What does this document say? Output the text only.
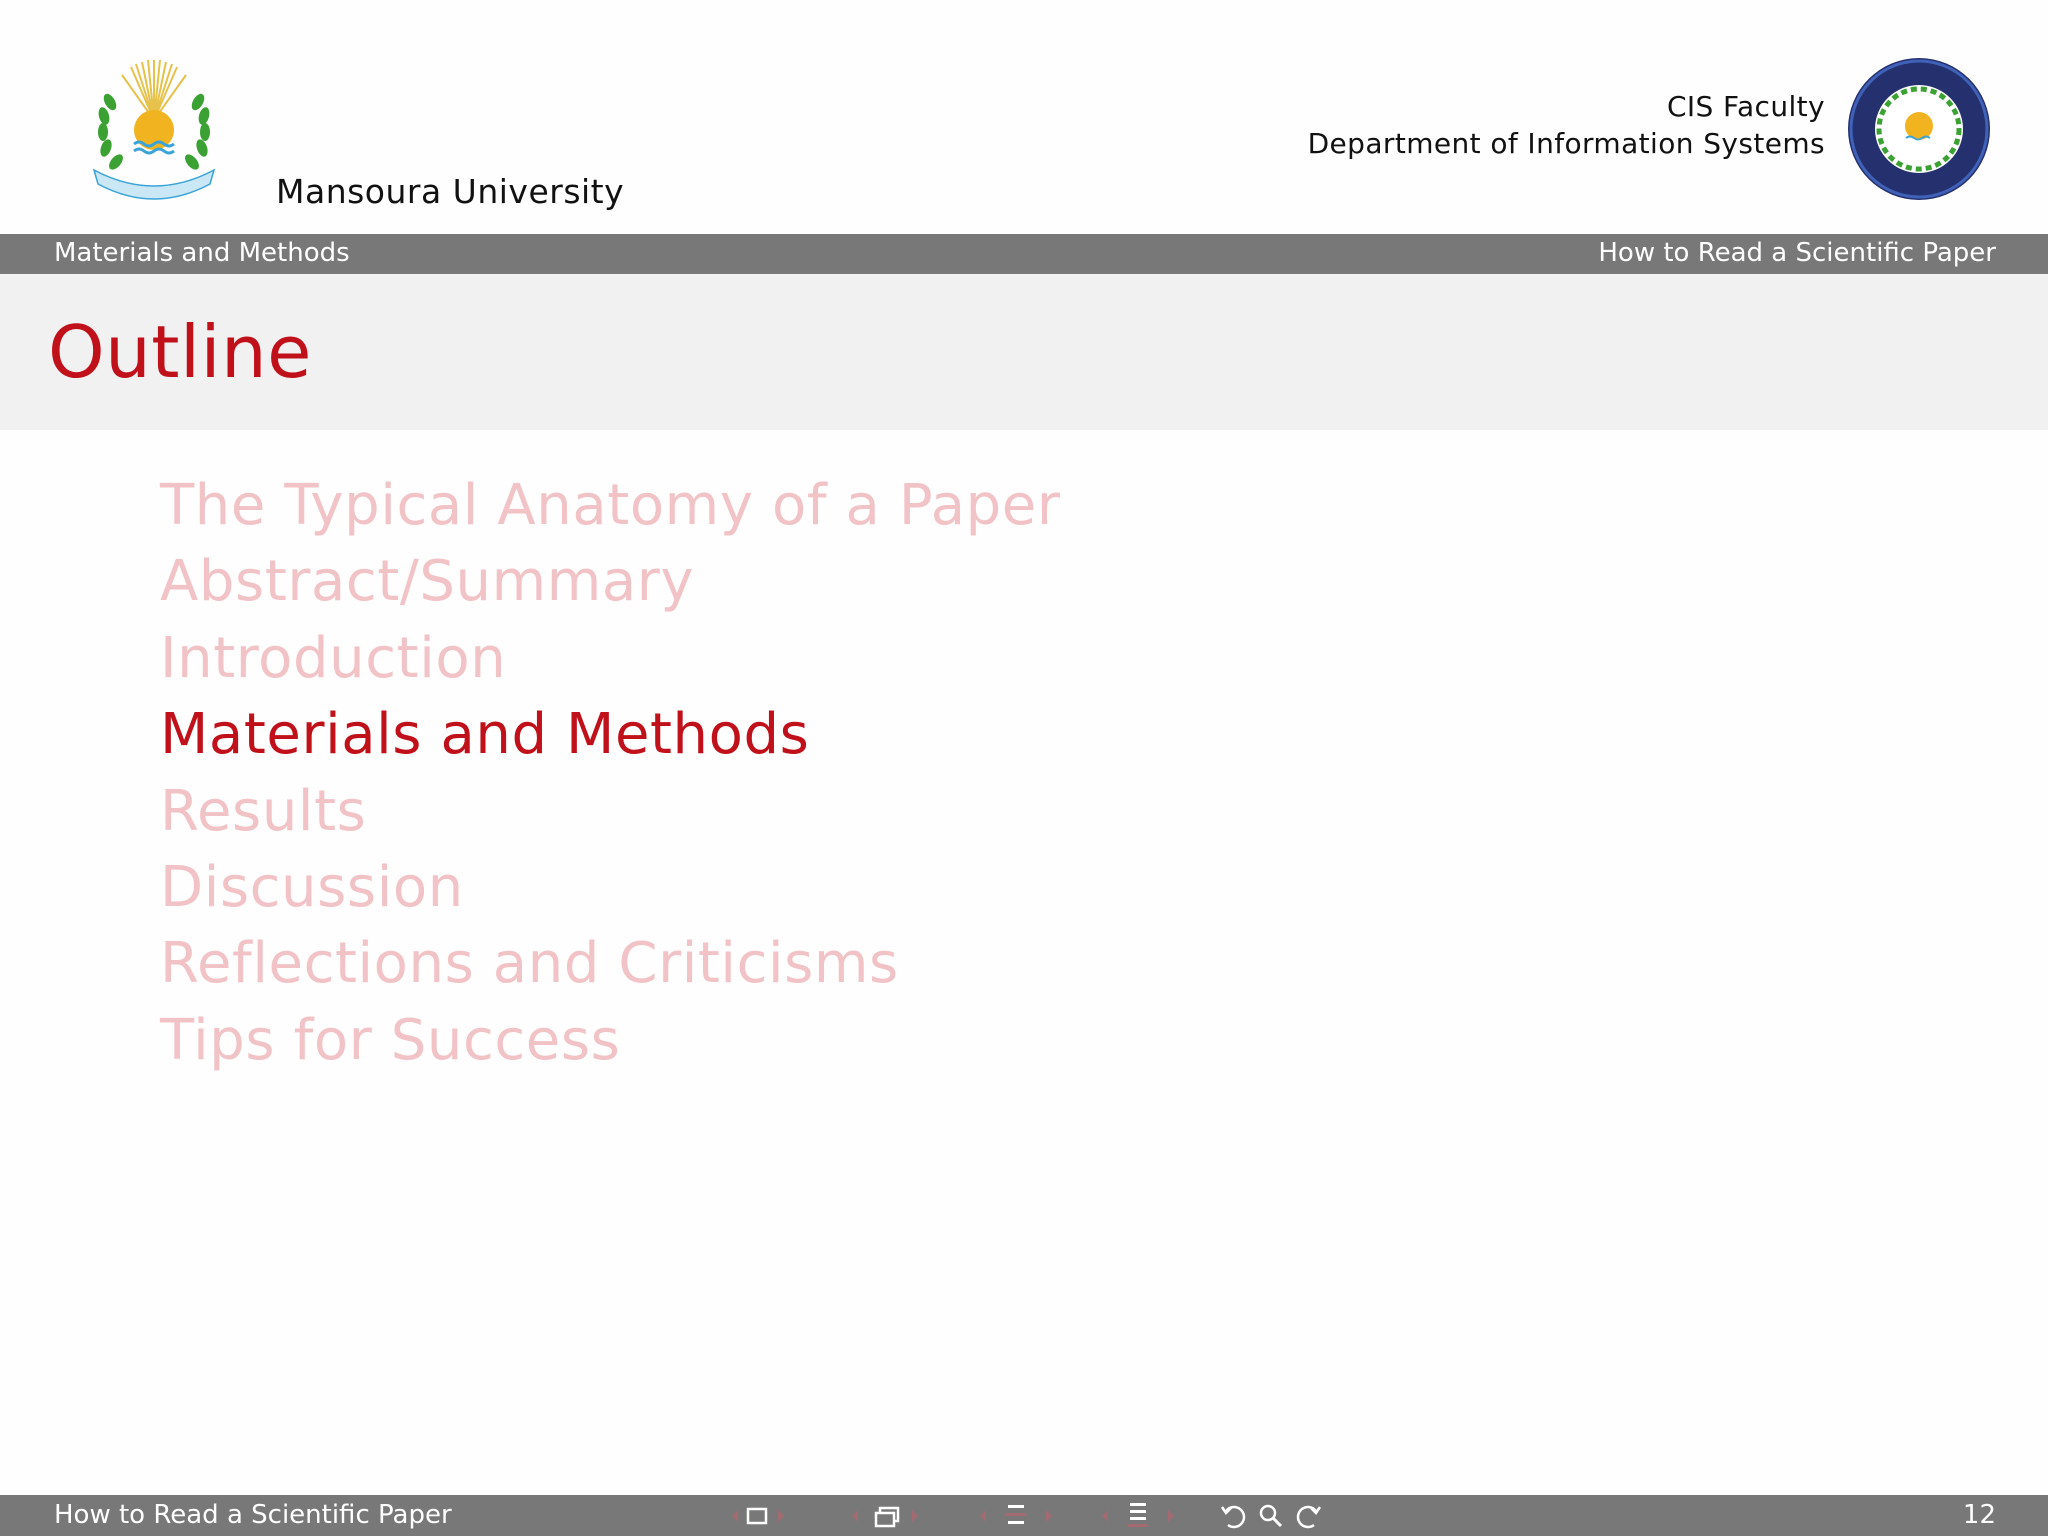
Mansoura University
CIS Faculty
Department of Information Systems
Materials and Methods	How to Read a Scientific Paper
Outline
The Typical Anatomy of a Paper
Abstract/Summary
Introduction
Materials and Methods
Results
Discussion
Reflections and Criticisms
Tips for Success
How to Read a Scientific Paper	12
